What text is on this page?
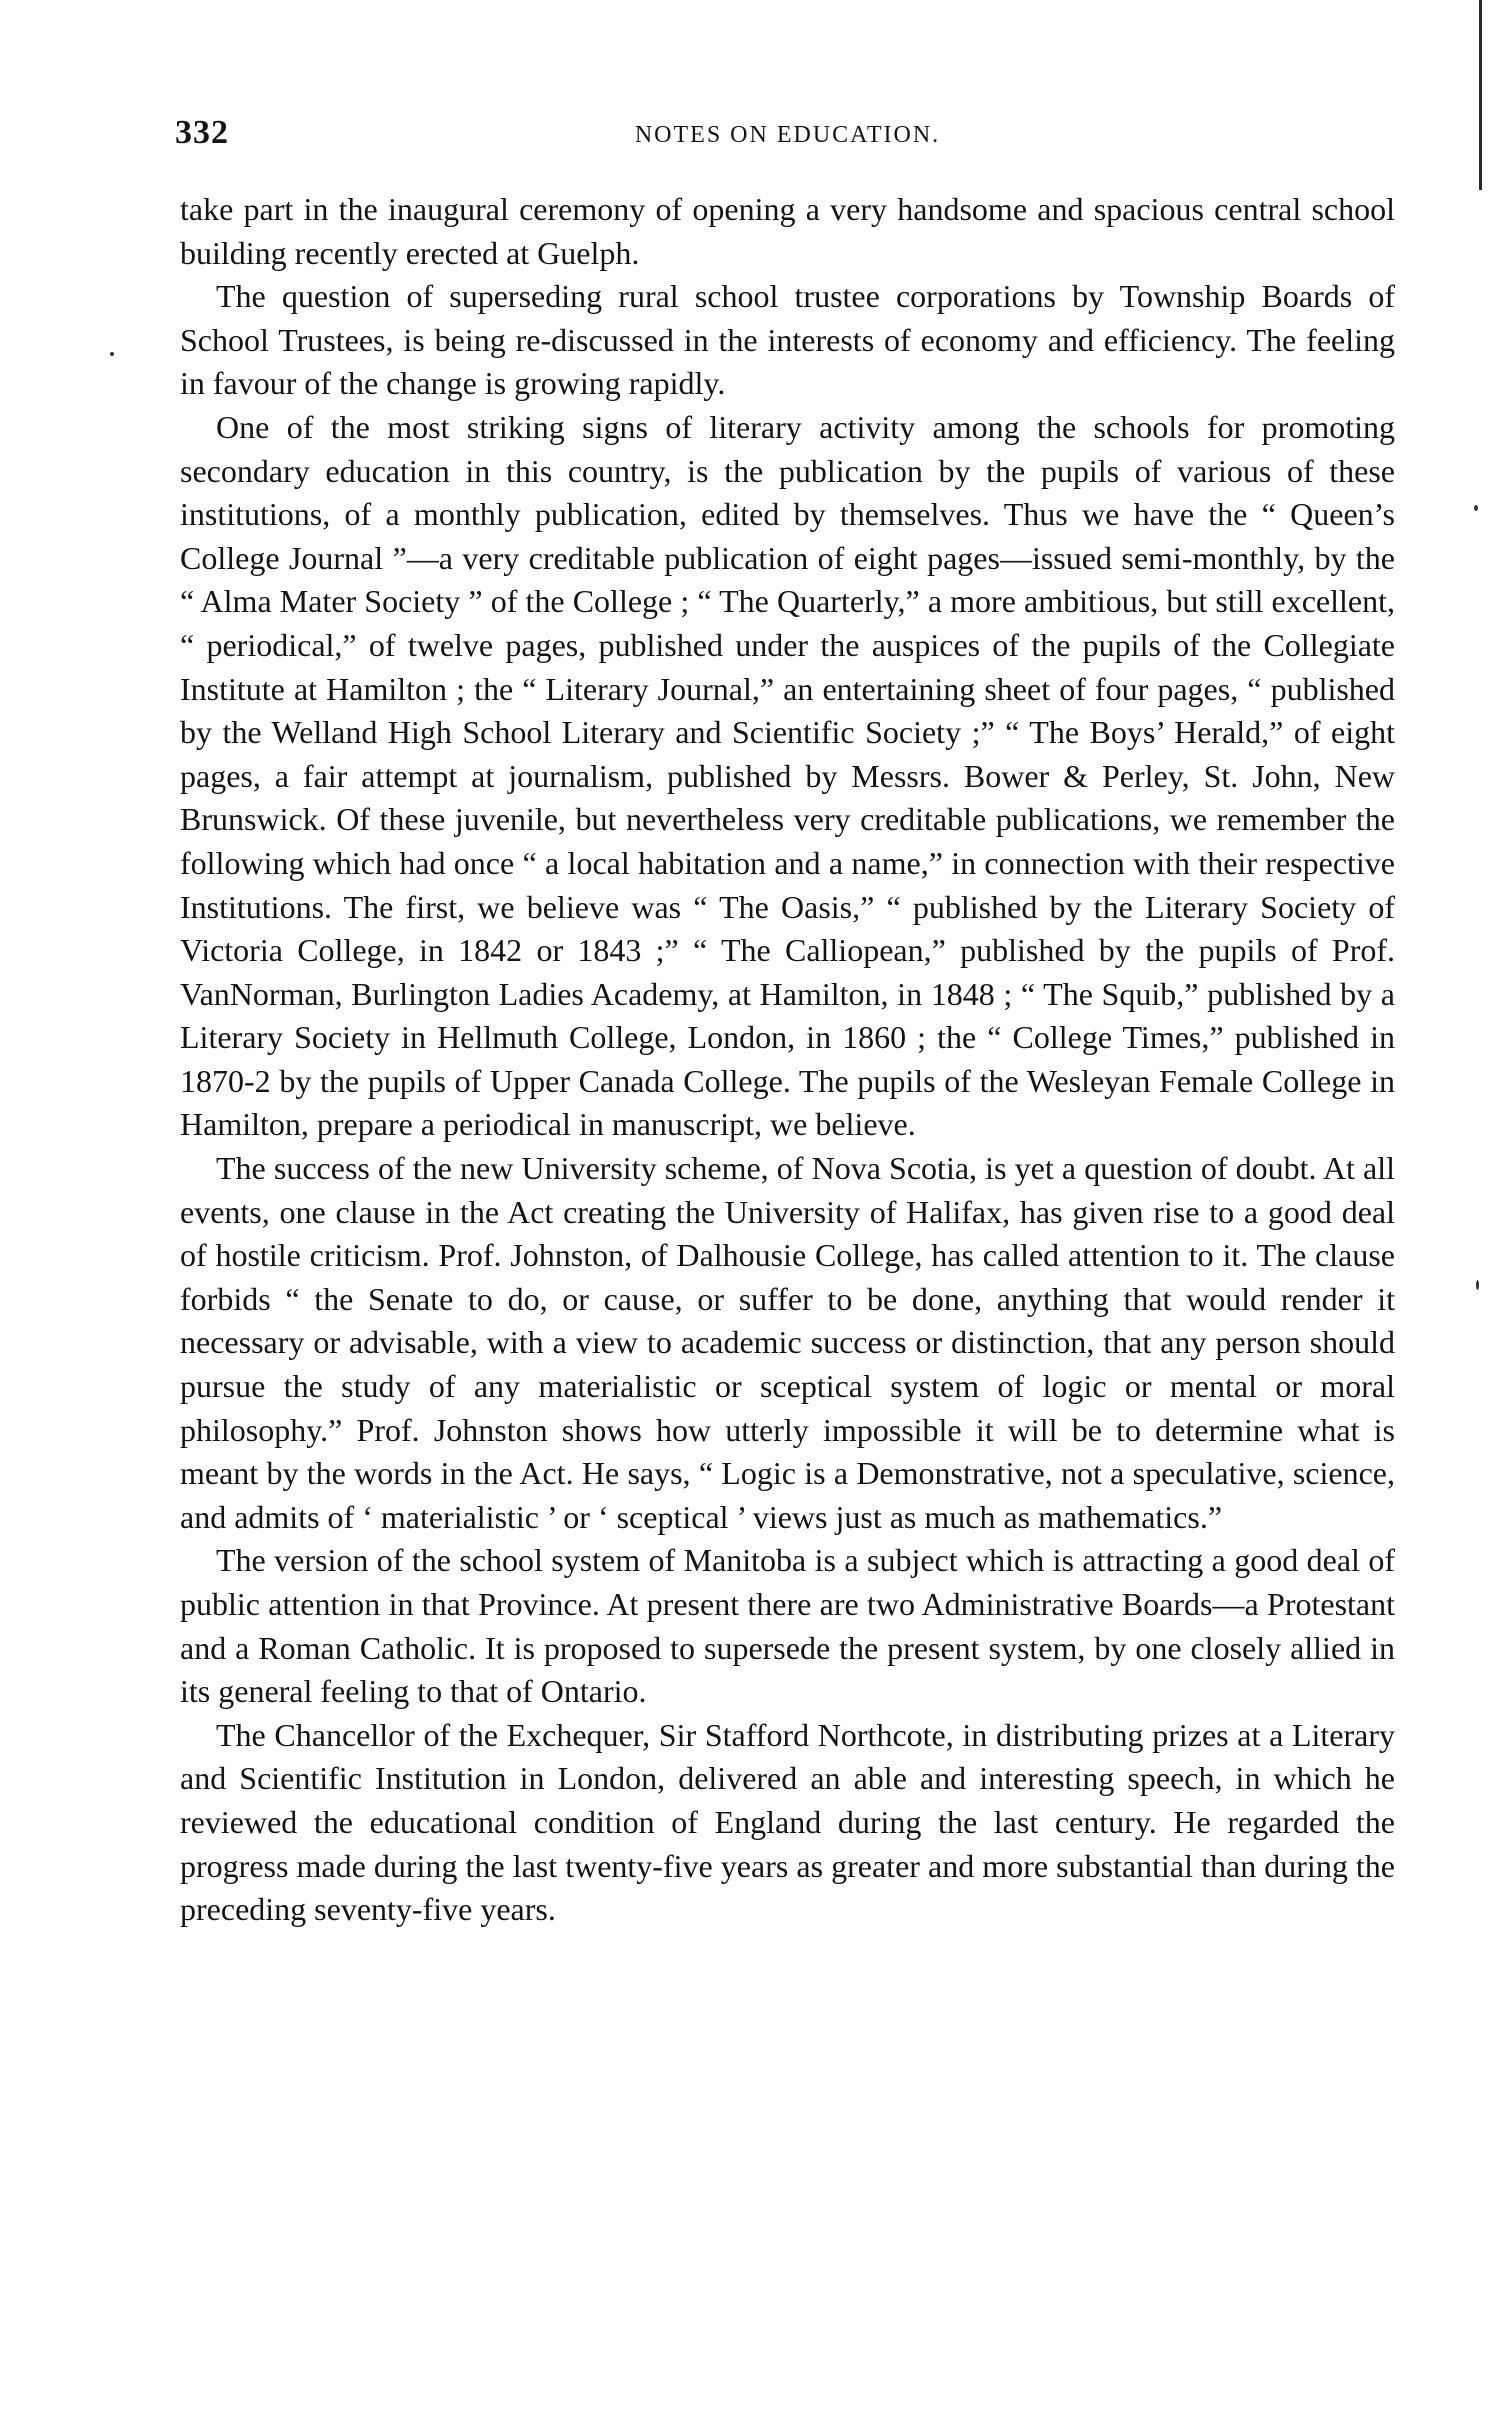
332	NOTES ON EDUCATION.

take part in the inaugural ceremony of opening a very handsome and spacious central school building recently erected at Guelph.

The question of superseding rural school trustee corporations by Township Boards of School Trustees, is being re-discussed in the interests of economy and efficiency. The feeling in favour of the change is growing rapidly.

One of the most striking signs of literary activity among the schools for promoting secondary education in this country, is the publication by the pupils of various of these institutions, of a monthly publication, edited by themselves. Thus we have the “ Queen’s College Journal ”—a very creditable publication of eight pages—issued semi-monthly, by the “ Alma Mater Society ” of the College ; “ The Quarterly,” a more ambitious, but still excellent, “ periodical,” of twelve pages, published under the auspices of the pupils of the Collegiate Institute at Hamilton ; the “ Literary Journal,” an entertaining sheet of four pages, “ published by the Welland High School Literary and Scientific Society ;” “ The Boys’ Herald,” of eight pages, a fair attempt at journalism, published by Messrs. Bower & Perley, St. John, New Brunswick. Of these juvenile, but nevertheless very creditable publications, we remember the following which had once “ a local habitation and a name,” in connection with their respective Institutions. The first, we believe was “ The Oasis,” “ published by the Literary Society of Victoria College, in 1842 or 1843 ;” “ The Calliopean,” published by the pupils of Prof. VanNorman, Burlington Ladies Academy, at Hamilton, in 1848 ; “ The Squib,” published by a Literary Society in Hellmuth College, London, in 1860 ; the “ College Times,” published in 1870-2 by the pupils of Upper Canada College. The pupils of the Wesleyan Female College in Hamilton, prepare a periodical in manuscript, we believe.

The success of the new University scheme, of Nova Scotia, is yet a question of doubt. At all events, one clause in the Act creating the University of Halifax, has given rise to a good deal of hostile criticism. Prof. Johnston, of Dalhousie College, has called attention to it. The clause forbids “ the Senate to do, or cause, or suffer to be done, anything that would render it necessary or advisable, with a view to academic success or distinction, that any person should pursue the study of any materialistic or sceptical system of logic or mental or moral philosophy.” Prof. Johnston shows how utterly impossible it will be to determine what is meant by the words in the Act. He says, “ Logic is a Demonstrative, not a speculative, science, and admits of ‘ materialistic ’ or ‘ sceptical ’ views just as much as mathematics.”

The version of the school system of Manitoba is a subject which is attracting a good deal of public attention in that Province. At present there are two Administrative Boards—a Protestant and a Roman Catholic. It is proposed to supersede the present system, by one closely allied in its general feeling to that of Ontario.

The Chancellor of the Exchequer, Sir Stafford Northcote, in distributing prizes at a Literary and Scientific Institution in London, delivered an able and interesting speech, in which he reviewed the educational condition of England during the last century. He regarded the progress made during the last twenty-five years as greater and more substantial than during the preceding seventy-five years.
